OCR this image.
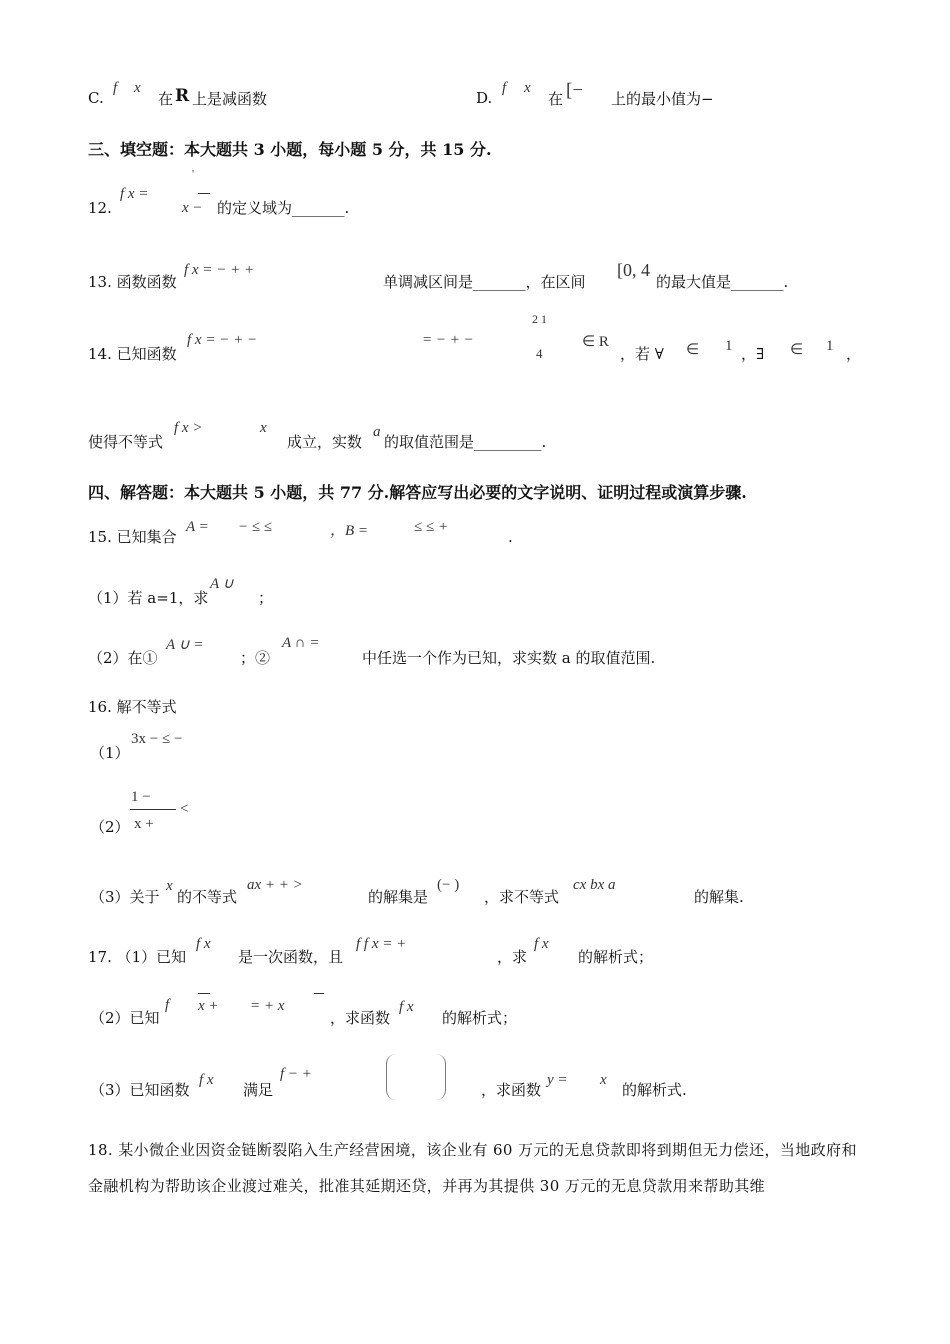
C.
f x
在 R 上是减函数	D.
f x
在 [− 上的最小值为−
三、填空题：本大题共 3 小题，每小题 5 分，共 15 分.
12.
f x =
'
x − 的定义域为_______.
13. 函数函数
f x = − + +
单调减区间是_______，在区间
[0, 4
的最大值是_______.
14. 已知函数
f x = − + −	= − + −
2 1
4
∈ R
，若 ∀ ∈ 1 ，∃ ∈ 1 ，
使得不等式
f x >	x
成立，实数
a
的取值范围是_________.
四、解答题：本大题共 5 小题，共 77 分.解答应写出必要的文字说明、证明过程或演算步骤.
15. 已知集合
A = − ≤ ≤	，B =	≤ ≤ +
.
（1）若 a=1，求
A ∪
；
（2）在①
A ∪ =
；②
A ∩ =
中任选一个作为已知，求实数 a 的取值范围.
16. 解不等式
（1）
3x − ≤ −
（2）
1 −
x +
<
（3）关于
x
的不等式
ax + + >
的解集是
(− )
，求不等式
cx bx a
的解集.
17. （1）已知
f x
是一次函数，且
f f x = +
，求
f x
的解析式；
（2）已知
f x + = + x
，求函数
f x
的解析式；
（3）已知函数
f x
满足
f − +
，求函数
y = x
的解析式.
18. 某小微企业因资金链断裂陷入生产经营困境，该企业有 60 万元的无息贷款即将到期但无力偿还，当地政府和金融机构为帮助该企业渡过难关，批准其延期还贷，并再为其提供 30 万元的无息贷款用来帮助其维
